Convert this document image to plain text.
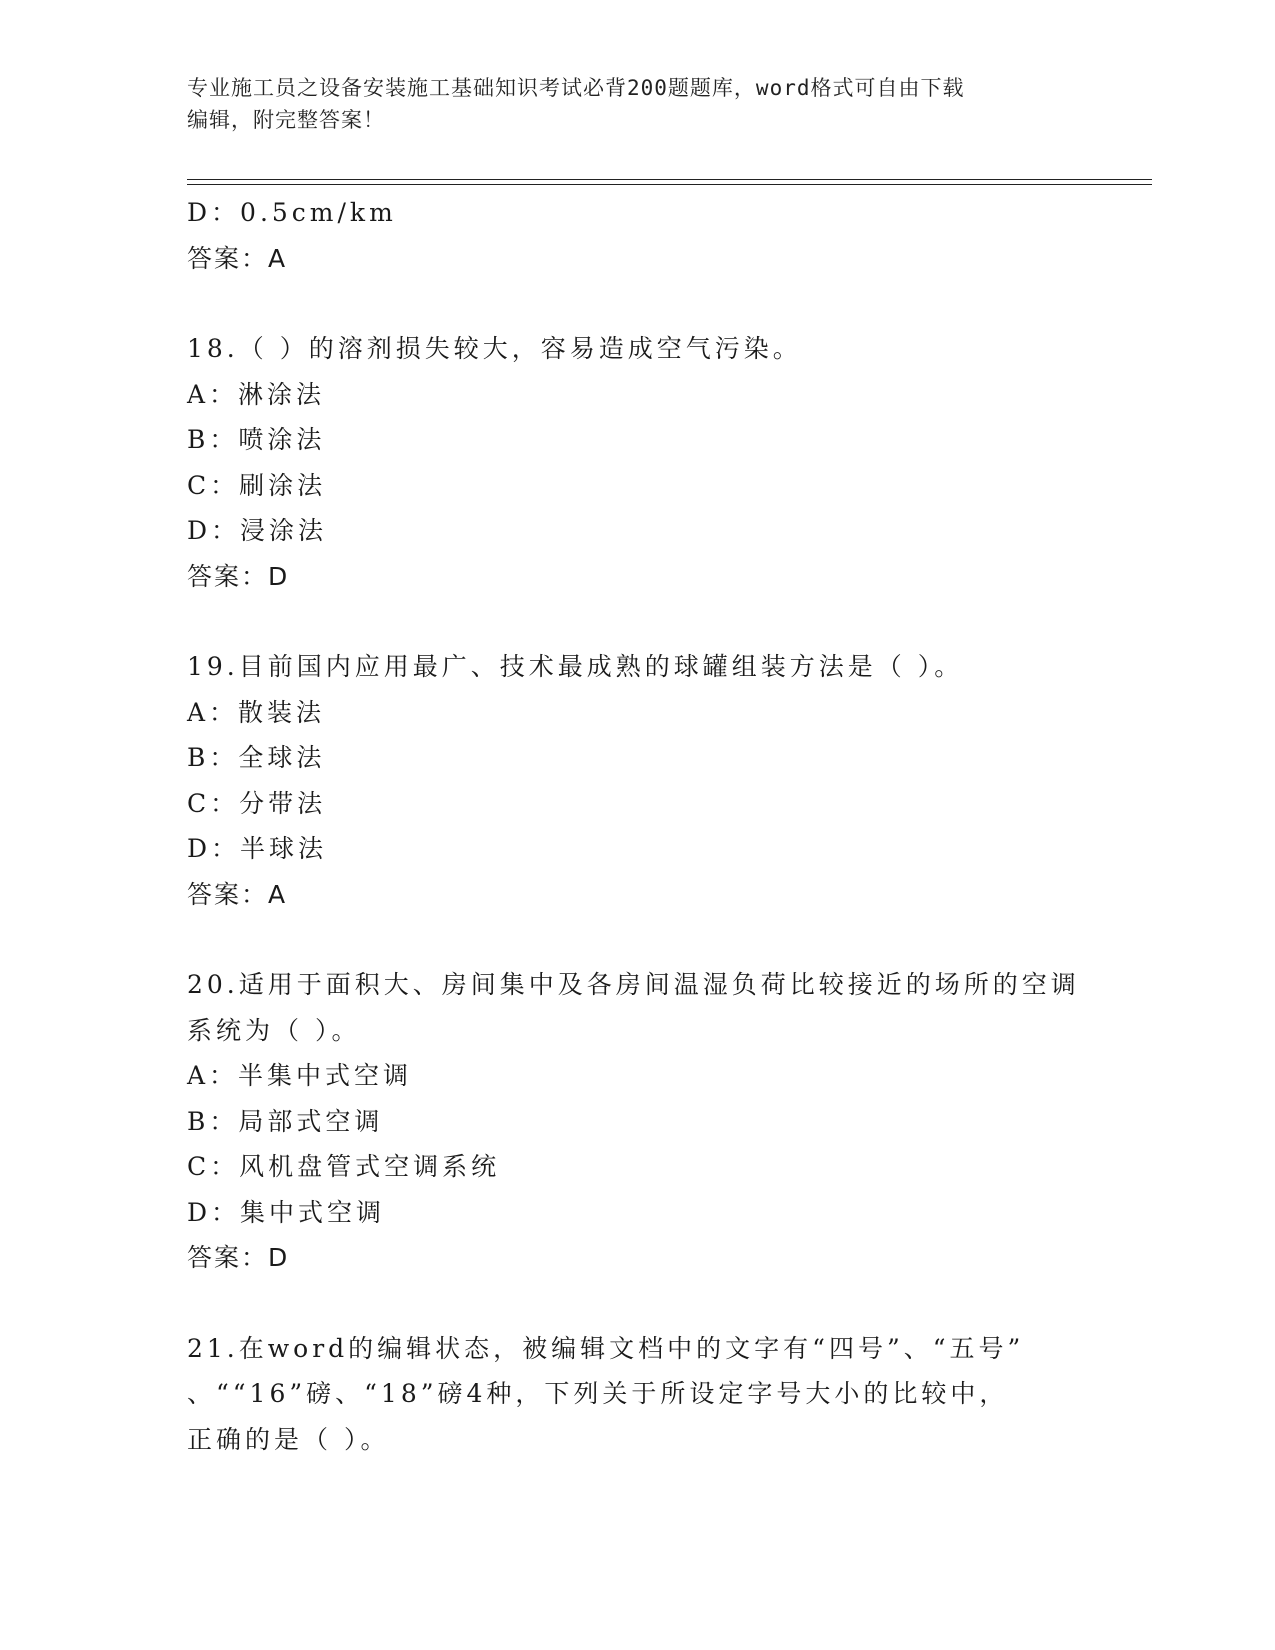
专业施工员之设备安装施工基础知识考试必背200题题库，word格式可自由下载
编辑，附完整答案！
D：0.5cm/km
答案：A
18.（ ）的溶剂损失较大，容易造成空气污染。
A：淋涂法
B：喷涂法
C：刷涂法
D：浸涂法
答案：D
19.目前国内应用最广、技术最成熟的球罐组装方法是（ ）。
A：散装法
B：全球法
C：分带法
D：半球法
答案：A
20.适用于面积大、房间集中及各房间温湿负荷比较接近的场所的空调
系统为（ ）。
A：半集中式空调
B：局部式空调
C：风机盘管式空调系统
D：集中式空调
答案：D
21.在word的编辑状态，被编辑文档中的文字有“四号”、“五号”
、““16”磅、“18”磅4种，下列关于所设定字号大小的比较中，
正确的是（ ）。
